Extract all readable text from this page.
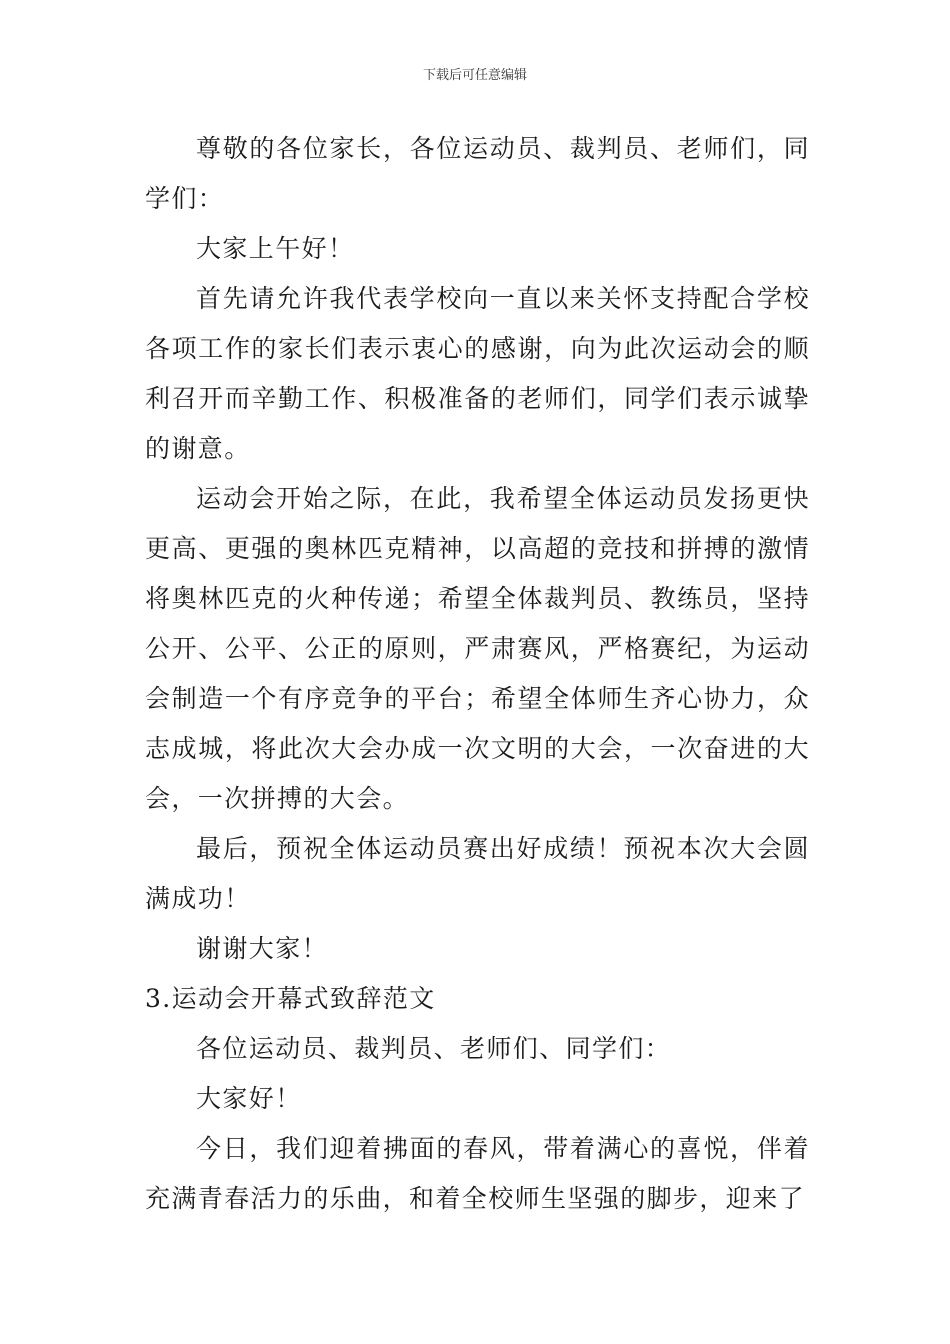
下载后可任意编辑

尊敬的各位家长，各位运动员、裁判员、老师们，同学们：

大家上午好！

首先请允许我代表学校向一直以来关怀支持配合学校各项工作的家长们表示衷心的感谢，向为此次运动会的顺利召开而辛勤工作、积极准备的老师们，同学们表示诚挚的谢意。

运动会开始之际，在此，我希望全体运动员发扬更快更高、更强的奥林匹克精神，以高超的竞技和拼搏的激情将奥林匹克的火种传递；希望全体裁判员、教练员，坚持公开、公平、公正的原则，严肃赛风，严格赛纪，为运动会制造一个有序竞争的平台；希望全体师生齐心协力，众志成城，将此次大会办成一次文明的大会，一次奋进的大会，一次拼搏的大会。

最后，预祝全体运动员赛出好成绩！预祝本次大会圆满成功！

谢谢大家！

3.运动会开幕式致辞范文

各位运动员、裁判员、老师们、同学们：

大家好！

今日，我们迎着拂面的春风，带着满心的喜悦，伴着充满青春活力的乐曲，和着全校师生坚强的脚步，迎来了
